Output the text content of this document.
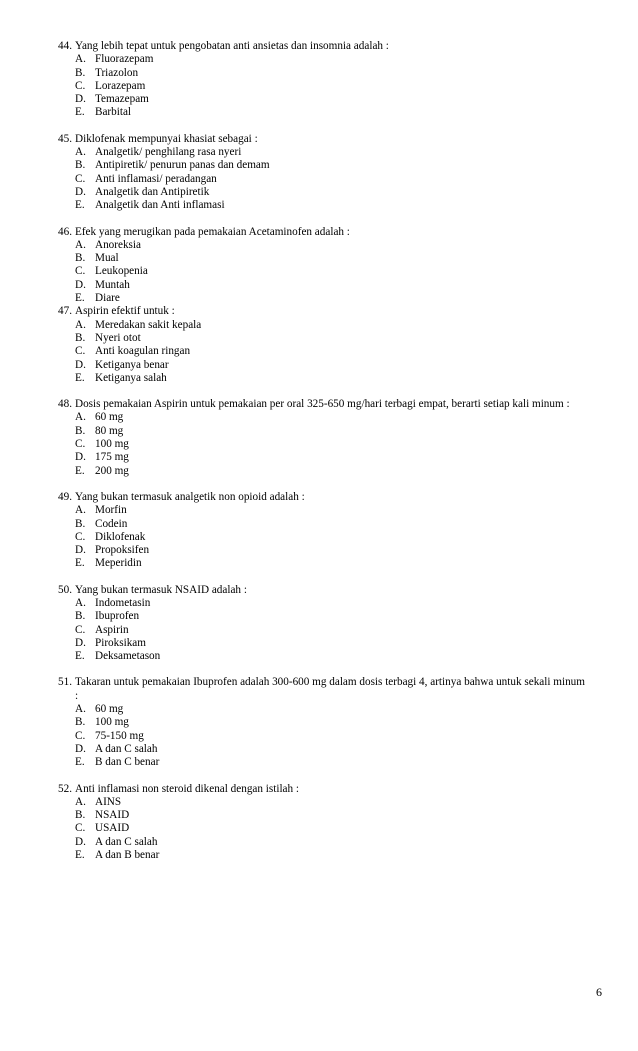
44. Yang lebih tepat untuk pengobatan anti ansietas dan insomnia adalah :
A. Fluorazepam
B. Triazolon
C. Lorazepam
D. Temazepam
E. Barbital
45. Diklofenak mempunyai khasiat sebagai :
A. Analgetik/ penghilang rasa nyeri
B. Antipiretik/ penurun panas dan demam
C. Anti inflamasi/ peradangan
D. Analgetik dan Antipiretik
E. Analgetik dan Anti inflamasi
46. Efek yang merugikan pada pemakaian Acetaminofen adalah :
A. Anoreksia
B. Mual
C. Leukopenia
D. Muntah
E. Diare
47. Aspirin efektif untuk :
A. Meredakan sakit kepala
B. Nyeri otot
C. Anti koagulan ringan
D. Ketiganya benar
E. Ketiganya salah
48. Dosis pemakaian Aspirin untuk pemakaian per oral 325-650 mg/hari terbagi empat, berarti setiap kali minum :
A. 60 mg
B. 80 mg
C. 100 mg
D. 175 mg
E. 200 mg
49. Yang bukan termasuk analgetik non opioid adalah :
A. Morfin
B. Codein
C. Diklofenak
D. Propoksifen
E. Meperidin
50. Yang bukan termasuk NSAID adalah :
A. Indometasin
B. Ibuprofen
C. Aspirin
D. Piroksikam
E. Deksametason
51. Takaran untuk pemakaian Ibuprofen adalah 300-600 mg dalam dosis terbagi 4, artinya bahwa untuk sekali minum
:
A. 60 mg
B. 100 mg
C. 75-150 mg
D. A dan C salah
E. B dan C benar
52. Anti inflamasi non steroid dikenal dengan istilah :
A. AINS
B. NSAID
C. USAID
D. A dan C salah
E. A dan B benar
6
